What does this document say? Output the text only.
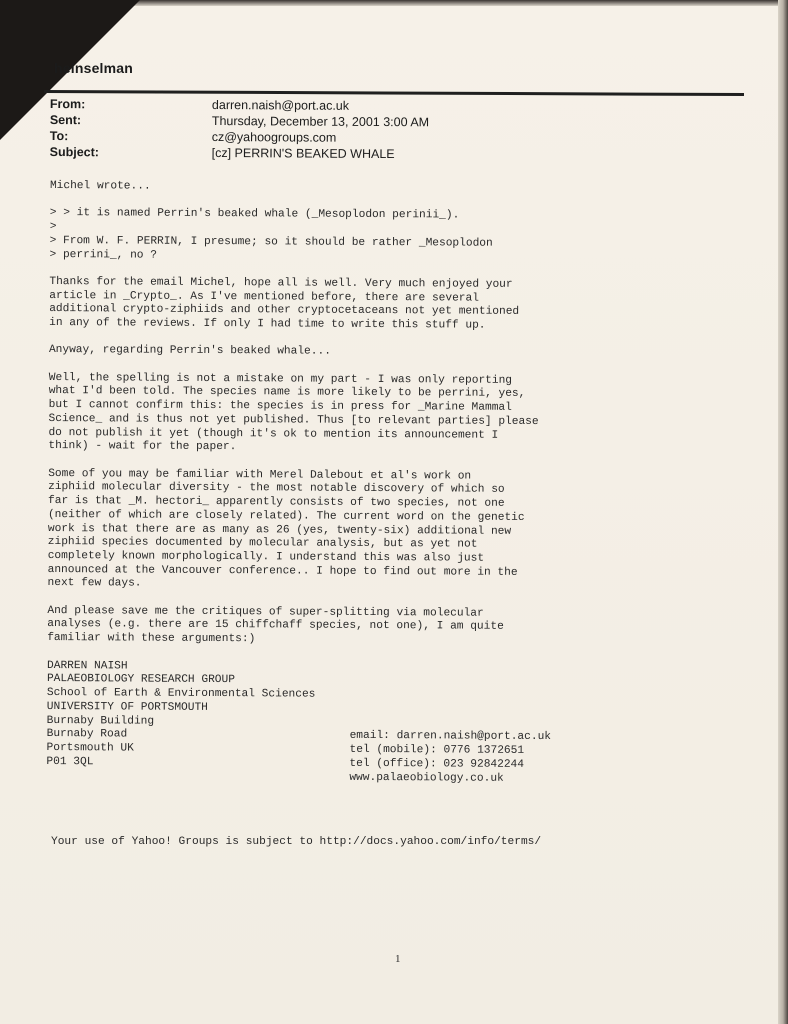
heinselman
From:	darren.naish@port.ac.uk
Sent:	Thursday, December 13, 2001 3:00 AM
To:	cz@yahoogroups.com
Subject:	[cz] PERRIN'S BEAKED WHALE
Michel wrote...
> > it is named Perrin's beaked whale (_Mesoplodon perinii_).
>
> From W. F. PERRIN, I presume; so it should be rather _Mesoplodon
> perrini_, no ?
Thanks for the email Michel, hope all is well. Very much enjoyed your
article in _Crypto_. As I've mentioned before, there are several
additional crypto-ziphiids and other cryptocetaceans not yet mentioned
in any of the reviews. If only I had time to write this stuff up.
Anyway, regarding Perrin's beaked whale...
Well, the spelling is not a mistake on my part - I was only reporting
what I'd been told. The species name is more likely to be perrini, yes,
but I cannot confirm this: the species is in press for _Marine Mammal
Science_ and is thus not yet published. Thus [to relevant parties] please
do not publish it yet (though it's ok to mention its announcement I
think) - wait for the paper.
Some of you may be familiar with Merel Dalebout et al's work on
ziphiid molecular diversity - the most notable discovery of which so
far is that _M. hectori_ apparently consists of two species, not one
(neither of which are closely related). The current word on the genetic
work is that there are as many as 26 (yes, twenty-six) additional new
ziphiid species documented by molecular analysis, but as yet not
completely known morphologically. I understand this was also just
announced at the Vancouver conference.. I hope to find out more in the
next few days.
And please save me the critiques of super-splitting via molecular
analyses (e.g. there are 15 chiffchaff species, not one), I am quite
familiar with these arguments:)
DARREN NAISH
PALAEOBIOLOGY RESEARCH GROUP
School of Earth & Environmental Sciences
UNIVERSITY OF PORTSMOUTH
Burnaby Building
Burnaby Road	email: darren.naish@port.ac.uk
Portsmouth UK	tel (mobile): 0776 1372651
P01 3QL	tel (office): 023 92842244
www.palaeobiology.co.uk
Your use of Yahoo! Groups is subject to http://docs.yahoo.com/info/terms/
1
